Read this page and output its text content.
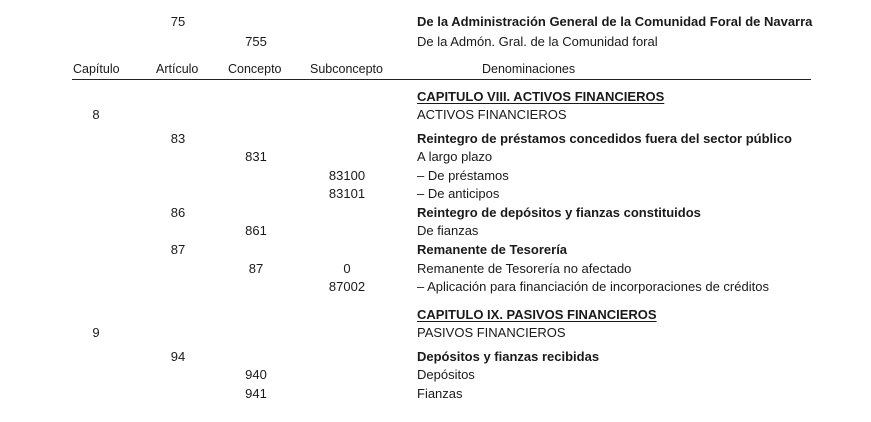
75	De la Administración General de la Comunidad Foral de Navarra
755	De la Admón. Gral. de la Comunidad foral
Capítulo	Artículo Concepto Subconcepto	Denominaciones
CAPITULO VIII. ACTIVOS FINANCIEROS
8	ACTIVOS FINANCIEROS
83	Reintegro de préstamos concedidos fuera del sector público
831	A largo plazo
83100	– De préstamos
83101	– De anticipos
86	Reintegro de depósitos y fianzas constituidos
861	De fianzas
87	Remanente de Tesorería
87	0	Remanente de Tesorería no afectado
87002	– Aplicación para financiación de incorporaciones de créditos
CAPITULO IX. PASIVOS FINANCIEROS
9	PASIVOS FINANCIEROS
94	Depósitos y fianzas recibidas
940	Depósitos
941	Fianzas
